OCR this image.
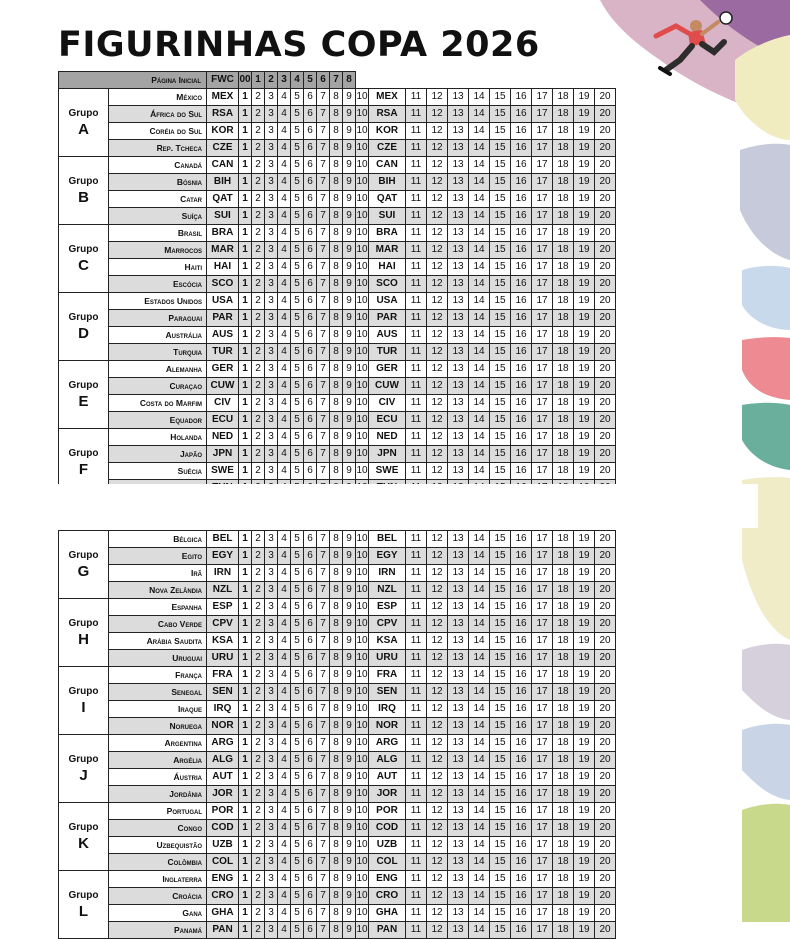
FIGURINHAS COPA 2026
Página Inicial		FWC	00	1	2	3	4	5	6	7	8												
Grupo
A	México	MEX	1	2	3	4	5	6	7	8	9	10	MEX	11	12	13	14	15	16	17	18	19	20
	África do Sul	RSA	1	2	3	4	5	6	7	8	9	10	RSA	11	12	13	14	15	16	17	18	19	20
	Coréia do Sul	KOR	1	2	3	4	5	6	7	8	9	10	KOR	11	12	13	14	15	16	17	18	19	20
	Rep. Tcheca	CZE	1	2	3	4	5	6	7	8	9	10	CZE	11	12	13	14	15	16	17	18	19	20
Grupo
B	Canadá	CAN	1	2	3	4	5	6	7	8	9	10	CAN	11	12	13	14	15	16	17	18	19	20
	Bósnia	BIH	1	2	3	4	5	6	7	8	9	10	BIH	11	12	13	14	15	16	17	18	19	20
	Catar	QAT	1	2	3	4	5	6	7	8	9	10	QAT	11	12	13	14	15	16	17	18	19	20
	Suíça	SUI	1	2	3	4	5	6	7	8	9	10	SUI	11	12	13	14	15	16	17	18	19	20
Grupo
C	Brasil	BRA	1	2	3	4	5	6	7	8	9	10	BRA	11	12	13	14	15	16	17	18	19	20
	Marrocos	MAR	1	2	3	4	5	6	7	8	9	10	MAR	11	12	13	14	15	16	17	18	19	20
	Haiti	HAI	1	2	3	4	5	6	7	8	9	10	HAI	11	12	13	14	15	16	17	18	19	20
	Escócia	SCO	1	2	3	4	5	6	7	8	9	10	SCO	11	12	13	14	15	16	17	18	19	20
Grupo
D	Estados Unidos	USA	1	2	3	4	5	6	7	8	9	10	USA	11	12	13	14	15	16	17	18	19	20
	Paraguai	PAR	1	2	3	4	5	6	7	8	9	10	PAR	11	12	13	14	15	16	17	18	19	20
	Austrália	AUS	1	2	3	4	5	6	7	8	9	10	AUS	11	12	13	14	15	16	17	18	19	20
	Turquia	TUR	1	2	3	4	5	6	7	8	9	10	TUR	11	12	13	14	15	16	17	18	19	20
Grupo
E	Alemanha	GER	1	2	3	4	5	6	7	8	9	10	GER	11	12	13	14	15	16	17	18	19	20
	Curaçao	CUW	1	2	3	4	5	6	7	8	9	10	CUW	11	12	13	14	15	16	17	18	19	20
	Costa do Marfim	CIV	1	2	3	4	5	6	7	8	9	10	CIV	11	12	13	14	15	16	17	18	19	20
	Equador	ECU	1	2	3	4	5	6	7	8	9	10	ECU	11	12	13	14	15	16	17	18	19	20
Grupo
F	Holanda	NED	1	2	3	4	5	6	7	8	9	10	NED	11	12	13	14	15	16	17	18	19	20
	Japão	JPN	1	2	3	4	5	6	7	8	9	10	JPN	11	12	13	14	15	16	17	18	19	20
	Suécia	SWE	1	2	3	4	5	6	7	8	9	10	SWE	11	12	13	14	15	16	17	18	19	20

Grupo
G	Bélgica	BEL	1	2	3	4	5	6	7	8	9	10	BEL	11	12	13	14	15	16	17	18	19	20
	Egito	EGY	1	2	3	4	5	6	7	8	9	10	EGY	11	12	13	14	15	16	17	18	19	20
	Irã	IRN	1	2	3	4	5	6	7	8	9	10	IRN	11	12	13	14	15	16	17	18	19	20
	Nova Zelândia	NZL	1	2	3	4	5	6	7	8	9	10	NZL	11	12	13	14	15	16	17	18	19	20
Grupo
H	Espanha	ESP	1	2	3	4	5	6	7	8	9	10	ESP	11	12	13	14	15	16	17	18	19	20
	Cabo Verde	CPV	1	2	3	4	5	6	7	8	9	10	CPV	11	12	13	14	15	16	17	18	19	20
	Arábia Saudita	KSA	1	2	3	4	5	6	7	8	9	10	KSA	11	12	13	14	15	16	17	18	19	20
	Uruguai	URU	1	2	3	4	5	6	7	8	9	10	URU	11	12	13	14	15	16	17	18	19	20
Grupo
I	França	FRA	1	2	3	4	5	6	7	8	9	10	FRA	11	12	13	14	15	16	17	18	19	20
	Senegal	SEN	1	2	3	4	5	6	7	8	9	10	SEN	11	12	13	14	15	16	17	18	19	20
	Iraque	IRQ	1	2	3	4	5	6	7	8	9	10	IRQ	11	12	13	14	15	16	17	18	19	20
	Noruega	NOR	1	2	3	4	5	6	7	8	9	10	NOR	11	12	13	14	15	16	17	18	19	20
Grupo
J	Argentina	ARG	1	2	3	4	5	6	7	8	9	10	ARG	11	12	13	14	15	16	17	18	19	20
	Argélia	ALG	1	2	3	4	5	6	7	8	9	10	ALG	11	12	13	14	15	16	17	18	19	20
	Áustria	AUT	1	2	3	4	5	6	7	8	9	10	AUT	11	12	13	14	15	16	17	18	19	20
	Jordânia	JOR	1	2	3	4	5	6	7	8	9	10	JOR	11	12	13	14	15	16	17	18	19	20
Grupo
K	Portugal	POR	1	2	3	4	5	6	7	8	9	10	POR	11	12	13	14	15	16	17	18	19	20
	Congo	COD	1	2	3	4	5	6	7	8	9	10	COD	11	12	13	14	15	16	17	18	19	20
	Uzbequistão	UZB	1	2	3	4	5	6	7	8	9	10	UZB	11	12	13	14	15	16	17	18	19	20
	Colômbia	COL	1	2	3	4	5	6	7	8	9	10	COL	11	12	13	14	15	16	17	18	19	20
Grupo
L	Inglaterra	ENG	1	2	3	4	5	6	7	8	9	10	ENG	11	12	13	14	15	16	17	18	19	20
	Croácia	CRO	1	2	3	4	5	6	7	8	9	10	CRO	11	12	13	14	15	16	17	18	19	20
	Gana	GHA	1	2	3	4	5	6	7	8	9	10	GHA	11	12	13	14	15	16	17	18	19	20
	Panamá	PAN	1	2	3	4	5	6	7	8	9	10	PAN	11	12	13	14	15	16	17	18	19	20
